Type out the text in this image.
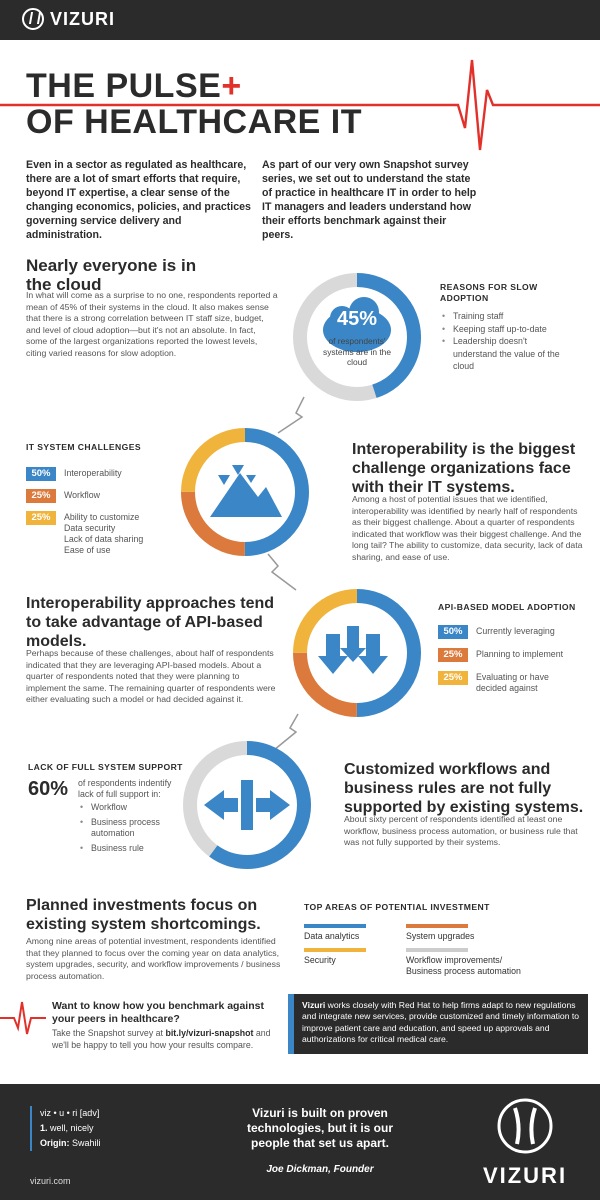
VIZURI
THE PULSE+
OF HEALTHCARE IT
Even in a sector as regulated as healthcare, there are a lot of smart efforts that require, beyond IT expertise, a clear sense of the changing economics, policies, and practices governing service delivery and administration.
As part of our very own Snapshot survey series, we set out to understand the state of practice in healthcare IT in order to help IT managers and leaders understand how their efforts benchmark against their peers.
Nearly everyone is in the cloud
In what will come as a surprise to no one, respondents reported a mean of 45% of their systems in the cloud. It also makes sense that there is a strong correlation between IT staff size, budget, and level of cloud adoption—but it's not an absolute. In fact, some of the largest organizations reported the lowest levels, citing varied reasons for slow adoption.
45%
of respondents' systems are in the cloud
REASONS FOR SLOW ADOPTION
• Training staff
• Keeping staff up-to-date
• Leadership doesn't understand the value of the cloud
IT SYSTEM CHALLENGES
50%	Interoperability
25%	Workflow
25%	Ability to customize
Data security
Lack of data sharing
Ease of use
Interoperability is the biggest challenge organizations face with their IT systems.
Among a host of potential issues that we identified, interoperability was identified by nearly half of respondents as their biggest challenge. About a quarter of respondents indicated that workflow was their biggest challenge. And the long tail? The ability to customize, data security, lack of data sharing, and ease of use.
Interoperability approaches tend to take advantage of API-based models.
Perhaps because of these challenges, about half of respondents indicated that they are leveraging API-based models. About a quarter of respondents noted that they were planning to implement the same. The remaining quarter of respondents were either evaluating such a model or had decided against it.
API-BASED MODEL ADOPTION
50%	Currently leveraging
25%	Planning to implement
25%	Evaluating or have decided against
LACK OF FULL SYSTEM SUPPORT
60% of respondents indentify lack of full support in:
• Workflow
• Business process automation
• Business rule
Customized workflows and business rules are not fully supported by existing systems.
About sixty percent of respondents identified at least one workflow, business process automation, or business rule that was not fully supported by their systems.
Planned investments focus on existing system shortcomings.
Among nine areas of potential investment, respondents identified that they planned to focus over the coming year on data analytics, system upgrades, security, and workflow improvements / business process automation.
TOP AREAS OF POTENTIAL INVESTMENT
Data analytics	System upgrades
Security	Workflow improvements/
Business process automation
Want to know how you benchmark against your peers in healthcare?
Take the Snapshot survey at bit.ly/vizuri-snapshot and we'll be happy to tell you how your results compare.
Vizuri works closely with Red Hat to help firms adapt to new regulations and integrate new services, provide customized and timely information to improve patient care and education, and speed up approvals and authorizations for critical medical care.
viz • u • ri [adv]
1. well, nicely
Origin: Swahili
vizuri.com
Vizuri is built on proven technologies, but it is our people that set us apart.
Joe Dickman, Founder	VIZURI
